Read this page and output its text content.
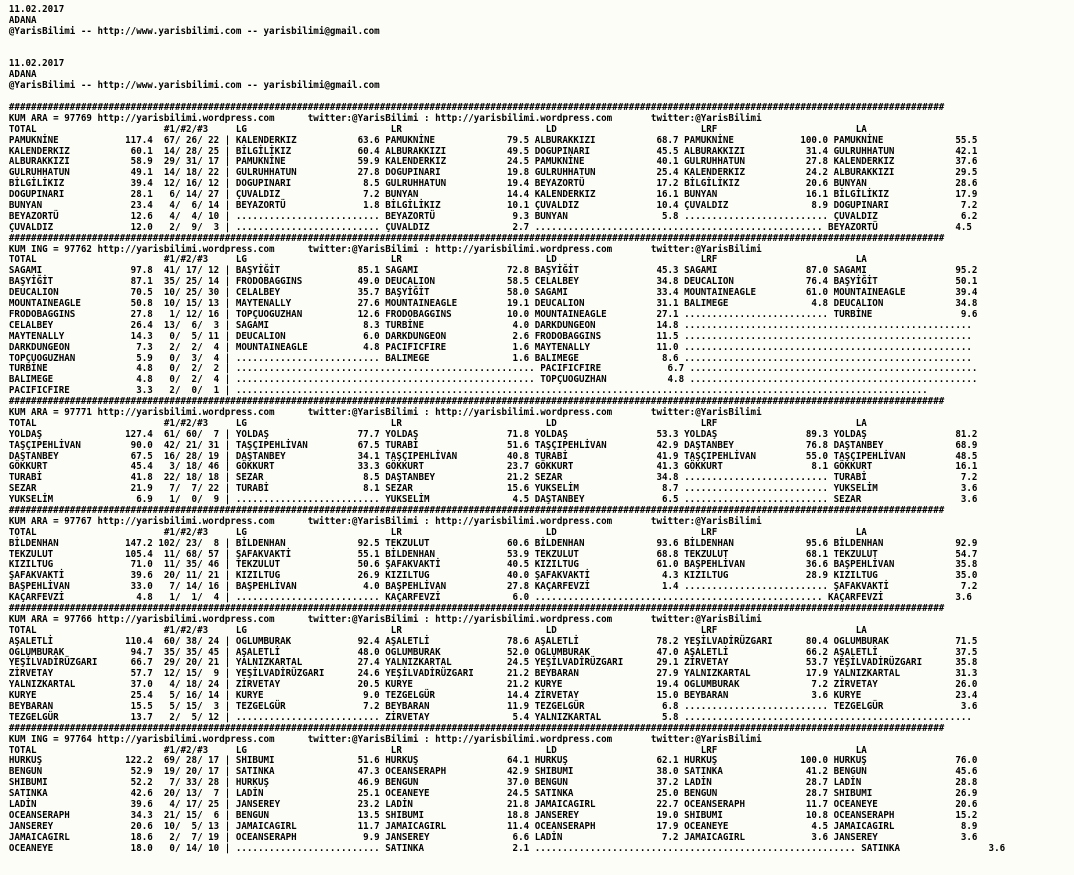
11.02.2017
ADANA
@YarisBilimi -- http://www.yarisbilimi.com -- yarisbilimi@gmail.com

11.02.2017
ADANA
@YarisBilimi -- http://www.yarisbilimi.com -- yarisbilimi@gmail.com

#########################################################################################################################################################################
KUM ARA = 97769 http://yarisbilimi.wordpress.com      twitter:@YarisBilimi : http://yarisbilimi.wordpress.com       twitter:@YarisBilimi
TOTAL                       #1/#2/#3     LG                          LR                          LD                          LRF                         LA
PAMUKNİNE            117.4  67/ 26/ 22 | KALENDERKIZ           63.6 PAMUKNİNE             79.5 ALBURAKKIZI           68.7 PAMUKNİNE            100.0 PAMUKNİNE             55.5
KALENDERKIZ           60.1  14/ 28/ 25 | BİLGİLİKIZ            60.4 ALBURAKKIZI           49.5 DOGUPINARI            45.5 ALBURAKKIZI           31.4 GULRUHHATUN           42.1
ALBURAKKIZI           58.9  29/ 31/ 17 | PAMUKNİNE             59.9 KALENDERKIZ           24.5 PAMUKNİNE             40.1 GULRUHHATUN           27.8 KALENDERKIZ           37.6
GULRUHHATUN           49.1  14/ 18/ 22 | GULRUHHATUN           27.8 DOGUPINARI            19.8 GULRUHHATUN           25.4 KALENDERKIZ           24.2 ALBURAKKIZI           29.5
BİLGİLİKIZ            39.4  12/ 16/ 12 | DOGUPINARI             8.5 GULRUHHATUN           19.4 BEYAZORTÜ             17.2 BİLGİLİKIZ            20.6 BUNYAN                28.6
DOGUPINARI            28.1   6/ 14/ 27 | ÇUVALDIZ               7.2 BUNYAN                14.4 KALENDERKIZ           16.1 BUNYAN                16.1 BİLGİLİKIZ            17.9
BUNYAN                23.4   4/  6/ 14 | BEYAZORTÜ              1.8 BİLGİLİKIZ            10.1 ÇUVALDIZ              10.4 ÇUVALDIZ               8.9 DOGUPINARI             7.2
BEYAZORTÜ             12.6   4/  4/ 10 | .......................... BEYAZORTÜ              9.3 BUNYAN                 5.8 .......................... ÇUVALDIZ               6.2
ÇUVALDIZ              12.0   2/  9/  3 | .......................... ÇUVALDIZ               2.7 .................................................... BEYAZORTÜ              4.5
#########################################################################################################################################################################
KUM ING = 97762 http://yarisbilimi.wordpress.com      twitter:@YarisBilimi : http://yarisbilimi.wordpress.com       twitter:@YarisBilimi
TOTAL                       #1/#2/#3     LG                          LR                          LD                          LRF                         LA
SAGAMI                97.8  41/ 17/ 12 | BAŞYİĞİT              85.1 SAGAMI                72.8 BAŞYİĞİT              45.3 SAGAMI                87.0 SAGAMI                95.2
BAŞYİĞİT              87.1  35/ 25/ 14 | FRODOBAGGINS          49.0 DEUCALION             58.5 CELALBEY              34.8 DEUCALION             76.4 BAŞYİĞİT              50.1
DEUCALION             70.5  10/ 25/ 30 | CELALBEY              35.7 BAŞYİĞİT              58.0 SAGAMI                33.4 MOUNTAINEAGLE         61.0 MOUNTAINEAGLE         39.4
MOUNTAINEAGLE         50.8  10/ 15/ 13 | MAYTENALLY            27.6 MOUNTAINEAGLE         19.1 DEUCALION             31.1 BALIMEGE               4.8 DEUCALION             34.8
FRODOBAGGINS          27.8   1/ 12/ 16 | TOPÇUOGUZHAN          12.6 FRODOBAGGINS          10.0 MOUNTAINEAGLE         27.1 .......................... TURBİNE                9.6
CELALBEY              26.4  13/  6/  3 | SAGAMI                 8.3 TURBİNE                4.0 DARKDUNGEON           14.8 ....................................................
MAYTENALLY            14.3   0/  5/ 11 | DEUCALION              6.0 DARKDUNGEON            2.6 FRODOBAGGINS          11.5 ....................................................
DARKDUNGEON            7.3   2/  2/  4 | MOUNTAINEAGLE          4.8 PACIFICFIRE            1.6 MAYTENALLY            11.0 ....................................................
TOPÇUOGUZHAN           5.9   0/  3/  4 | .......................... BALIMEGE               1.6 BALIMEGE               8.6 ....................................................
TURBİNE                4.8   0/  2/  2 | ...................................................... PACIFICFIRE            6.7 ....................................................
BALIMEGE               4.8   0/  2/  4 | ...................................................... TOPÇUOGUZHAN           4.8 ....................................................
PACIFICFIRE            3.3   2/  0/  1 | .............................................................................................................................
#########################################################################################################################################################################
KUM ARA = 97771 http://yarisbilimi.wordpress.com      twitter:@YarisBilimi : http://yarisbilimi.wordpress.com       twitter:@YarisBilimi
TOTAL                       #1/#2/#3     LG                          LR                          LD                          LRF                         LA
YOLDAŞ               127.4  61/ 60/  7 | YOLDAŞ                77.7 YOLDAŞ                71.8 YOLDAŞ                53.3 YOLDAŞ                89.3 YOLDAŞ                81.2
TAŞÇIPEHLİVAN         90.0  42/ 21/ 31 | TAŞÇIPEHLİVAN         67.5 TURABİ                51.6 TAŞÇIPEHLİVAN         42.9 DAŞTANBEY             76.8 DAŞTANBEY             68.9
DAŞTANBEY             67.5  16/ 28/ 19 | DAŞTANBEY             34.1 TAŞÇIPEHLİVAN         40.8 TURABİ                41.9 TAŞÇIPEHLİVAN         55.0 TAŞÇIPEHLİVAN         48.5
GÖKKURT               45.4   3/ 18/ 46 | GÖKKURT               33.3 GÖKKURT               23.7 GÖKKURT               41.3 GÖKKURT                8.1 GÖKKURT               16.1
TURABİ                41.8  22/ 18/ 18 | SEZAR                  8.5 DAŞTANBEY             21.2 SEZAR                 34.8 .......................... TURABİ                 7.2
SEZAR                 21.9   7/  7/ 22 | TURABİ                 8.1 SEZAR                 15.6 YUKSELİM               8.7 .......................... YUKSELİM               3.6
YUKSELİM               6.9   1/  0/  9 | .......................... YUKSELİM               4.5 DAŞTANBEY              6.5 .......................... SEZAR                  3.6
#########################################################################################################################################################################
KUM ARA = 97767 http://yarisbilimi.wordpress.com      twitter:@YarisBilimi : http://yarisbilimi.wordpress.com       twitter:@YarisBilimi
TOTAL                       #1/#2/#3     LG                          LR                          LD                          LRF                         LA
BİLDENHAN            147.2 102/ 23/  8 | BİLDENHAN             92.5 TEKZULUT              60.6 BİLDENHAN             93.6 BİLDENHAN             95.6 BİLDENHAN             92.9
TEKZULUT             105.4  11/ 68/ 57 | ŞAFAKVAKTİ            55.1 BİLDENHAN             53.9 TEKZULUT              68.8 TEKZULUT              68.1 TEKZULUT              54.7
KIZILTUG              71.0  11/ 35/ 46 | TEKZULUT              50.6 ŞAFAKVAKTİ            40.5 KIZILTUG              61.0 BAŞPEHLİVAN           36.6 BAŞPEHLİVAN           35.8
ŞAFAKVAKTİ            39.6  20/ 11/ 21 | KIZILTUG              26.9 KIZILTUG              40.0 ŞAFAKVAKTİ             4.3 KIZILTUG              28.9 KIZILTUG              35.0
BAŞPEHLİVAN           33.0   7/ 14/ 16 | BAŞPEHLİVAN            4.0 BAŞPEHLİVAN           27.8 KAÇARFEVZİ             1.4 .......................... ŞAFAKVAKTİ             7.2
KAÇARFEVZİ             4.8   1/  1/  4 | .......................... KAÇARFEVZİ             6.0 .................................................... KAÇARFEVZİ             3.6
#########################################################################################################################################################################
KUM ARA = 97766 http://yarisbilimi.wordpress.com      twitter:@YarisBilimi : http://yarisbilimi.wordpress.com       twitter:@YarisBilimi
TOTAL                       #1/#2/#3     LG                          LR                          LD                          LRF                         LA
AŞALETLİ             110.4  60/ 38/ 24 | OGLUMBURAK            92.4 AŞALETLİ              78.6 AŞALETLİ              78.2 YEŞİLVADİRÜZGARI      80.4 OGLUMBURAK            71.5
OGLUMBURAK            94.7  35/ 35/ 45 | AŞALETLİ              48.0 OGLUMBURAK            52.0 OGLUMBURAK            47.0 AŞALETLİ              66.2 AŞALETLİ              37.5
YEŞİLVADİRÜZGARI      66.7  29/ 20/ 21 | YALNIZKARTAL          27.4 YALNIZKARTAL          24.5 YEŞİLVADİRÜZGARI      29.1 ZİRVETAY              53.7 YEŞİLVADİRÜZGARI      35.8
ZİRVETAY              57.7  12/ 15/  9 | YEŞİLVADİRÜZGARI      24.6 YEŞİLVADİRÜZGARI      21.2 BEYBARAN              27.9 YALNIZKARTAL          17.9 YALNIZKARTAL          31.3
YALNIZKARTAL          37.0   4/ 18/ 24 | ZİRVETAY              20.5 KURYE                 21.2 KURYE                 19.4 OGLUMBURAK             7.2 ZİRVETAY              26.0
KURYE                 25.4   5/ 16/ 14 | KURYE                  9.0 TEZGELGÜR             14.4 ZİRVETAY              15.0 BEYBARAN               3.6 KURYE                 23.4
BEYBARAN              15.5   5/ 15/  3 | TEZGELGÜR              7.2 BEYBARAN              11.9 TEZGELGÜR              6.8 .......................... TEZGELGÜR              3.6
TEZGELGÜR             13.7   2/  5/ 12 | .......................... ZİRVETAY               5.4 YALNIZKARTAL           5.8 ....................................................
#########################################################################################################################################################################
KUM ING = 97764 http://yarisbilimi.wordpress.com      twitter:@YarisBilimi : http://yarisbilimi.wordpress.com       twitter:@YarisBilimi
TOTAL                       #1/#2/#3     LG                          LR                          LD                          LRF                         LA
HURKUŞ               122.2  69/ 28/ 17 | SHIBUMI               51.6 HURKUŞ                64.1 HURKUŞ                62.1 HURKUŞ               100.0 HURKUŞ                76.0
BENGUN                52.9  19/ 20/ 17 | SATINKA               47.3 OCEANSERAPH           42.9 SHIBUMI               38.0 SATINKA               41.2 BENGUN                45.6
SHIBUMI               52.2   7/ 33/ 28 | HURKUŞ                46.9 BENGUN                37.0 BENGUN                37.2 LADİN                 28.7 LADİN                 28.8
SATINKA               42.6  20/ 13/  7 | LADİN                 25.1 OCEANEYE              24.5 SATINKA               25.0 BENGUN                28.7 SHIBUMI               26.9
LADİN                 39.6   4/ 17/ 25 | JANSEREY              23.2 LADİN                 21.8 JAMAICAGIRL           22.7 OCEANSERAPH           11.7 OCEANEYE              20.6
OCEANSERAPH           34.3  21/ 15/  6 | BENGUN                13.5 SHIBUMI               18.8 JANSEREY              19.0 SHIBUMI               10.8 OCEANSERAPH           15.2
JANSEREY              20.6  10/  5/ 13 | JAMAICAGIRL           11.7 JAMAICAGIRL           11.4 OCEANSERAPH           17.9 OCEANEYE               4.5 JAMAICAGIRL            8.9
JAMAICAGIRL           18.6   2/  7/ 19 | OCEANSERAPH            9.9 JANSEREY               6.6 LADİN                  7.2 JAMAICAGIRL            3.6 JANSEREY               3.6
OCEANEYE              18.0   0/ 14/ 10 | .......................... SATINKA                2.1 .......................................................... SATINKA                3.6
